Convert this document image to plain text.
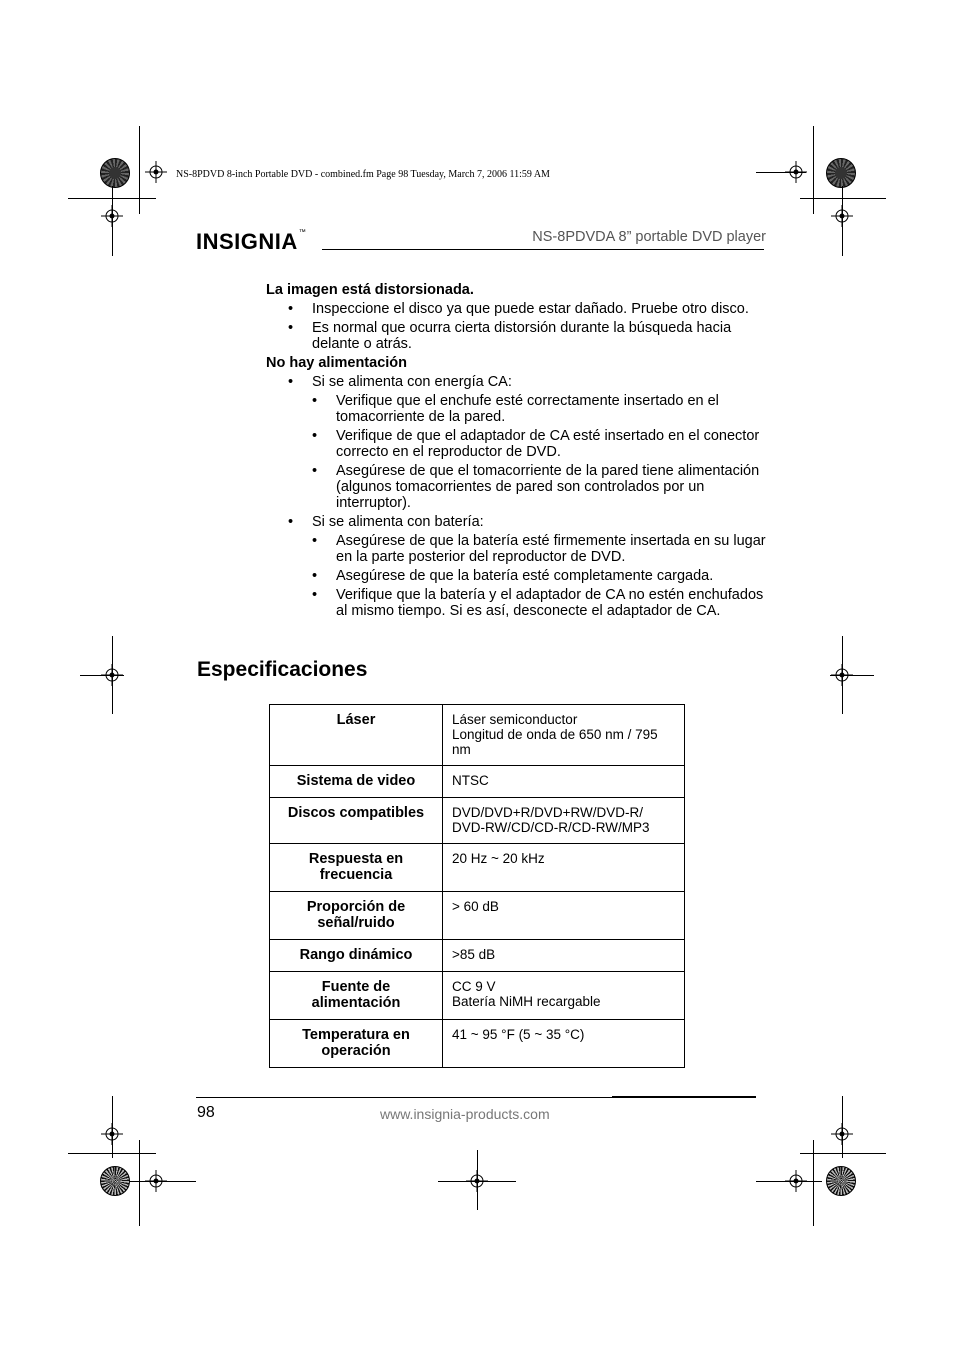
NS-8PDVD 8-inch Portable DVD - combined.fm Page 98 Tuesday, March 7, 2006 11:59 AM
INSIGNIA™	NS-8PDVDA 8” portable DVD player
La imagen está distorsionada.
• Inspeccione el disco ya que puede estar dañado. Pruebe otro disco.
• Es normal que ocurra cierta distorsión durante la búsqueda hacia delante o atrás.
No hay alimentación
• Si se alimenta con energía CA:
• Verifique que el enchufe esté correctamente insertado en el tomacorriente de la pared.
• Verifique de que el adaptador de CA esté insertado en el conector correcto en el reproductor de DVD.
• Asegúrese de que el tomacorriente de la pared tiene alimentación (algunos tomacorrientes de pared son controlados por un interruptor).
• Si se alimenta con batería:
• Asegúrese de que la batería esté firmemente insertada en su lugar en la parte posterior del reproductor de DVD.
• Asegúrese de que la batería esté completamente cargada.
• Verifique que la batería y el adaptador de CA no estén enchufados al mismo tiempo. Si es así, desconecte el adaptador de CA.
Especificaciones
Láser	Láser semiconductor
Longitud de onda de 650 nm / 795 nm
Sistema de video	NTSC
Discos compatibles	DVD/DVD+R/DVD+RW/DVD-R/
DVD-RW/CD/CD-R/CD-RW/MP3
Respuesta en frecuencia	20 Hz ~ 20 kHz
Proporción de señal/ruido	> 60 dB
Rango dinámico	>85 dB
Fuente de alimentación	CC 9 V
Batería NiMH recargable
Temperatura en operación	41 ~ 95 °F (5 ~ 35 °C)
98	www.insignia-products.com
